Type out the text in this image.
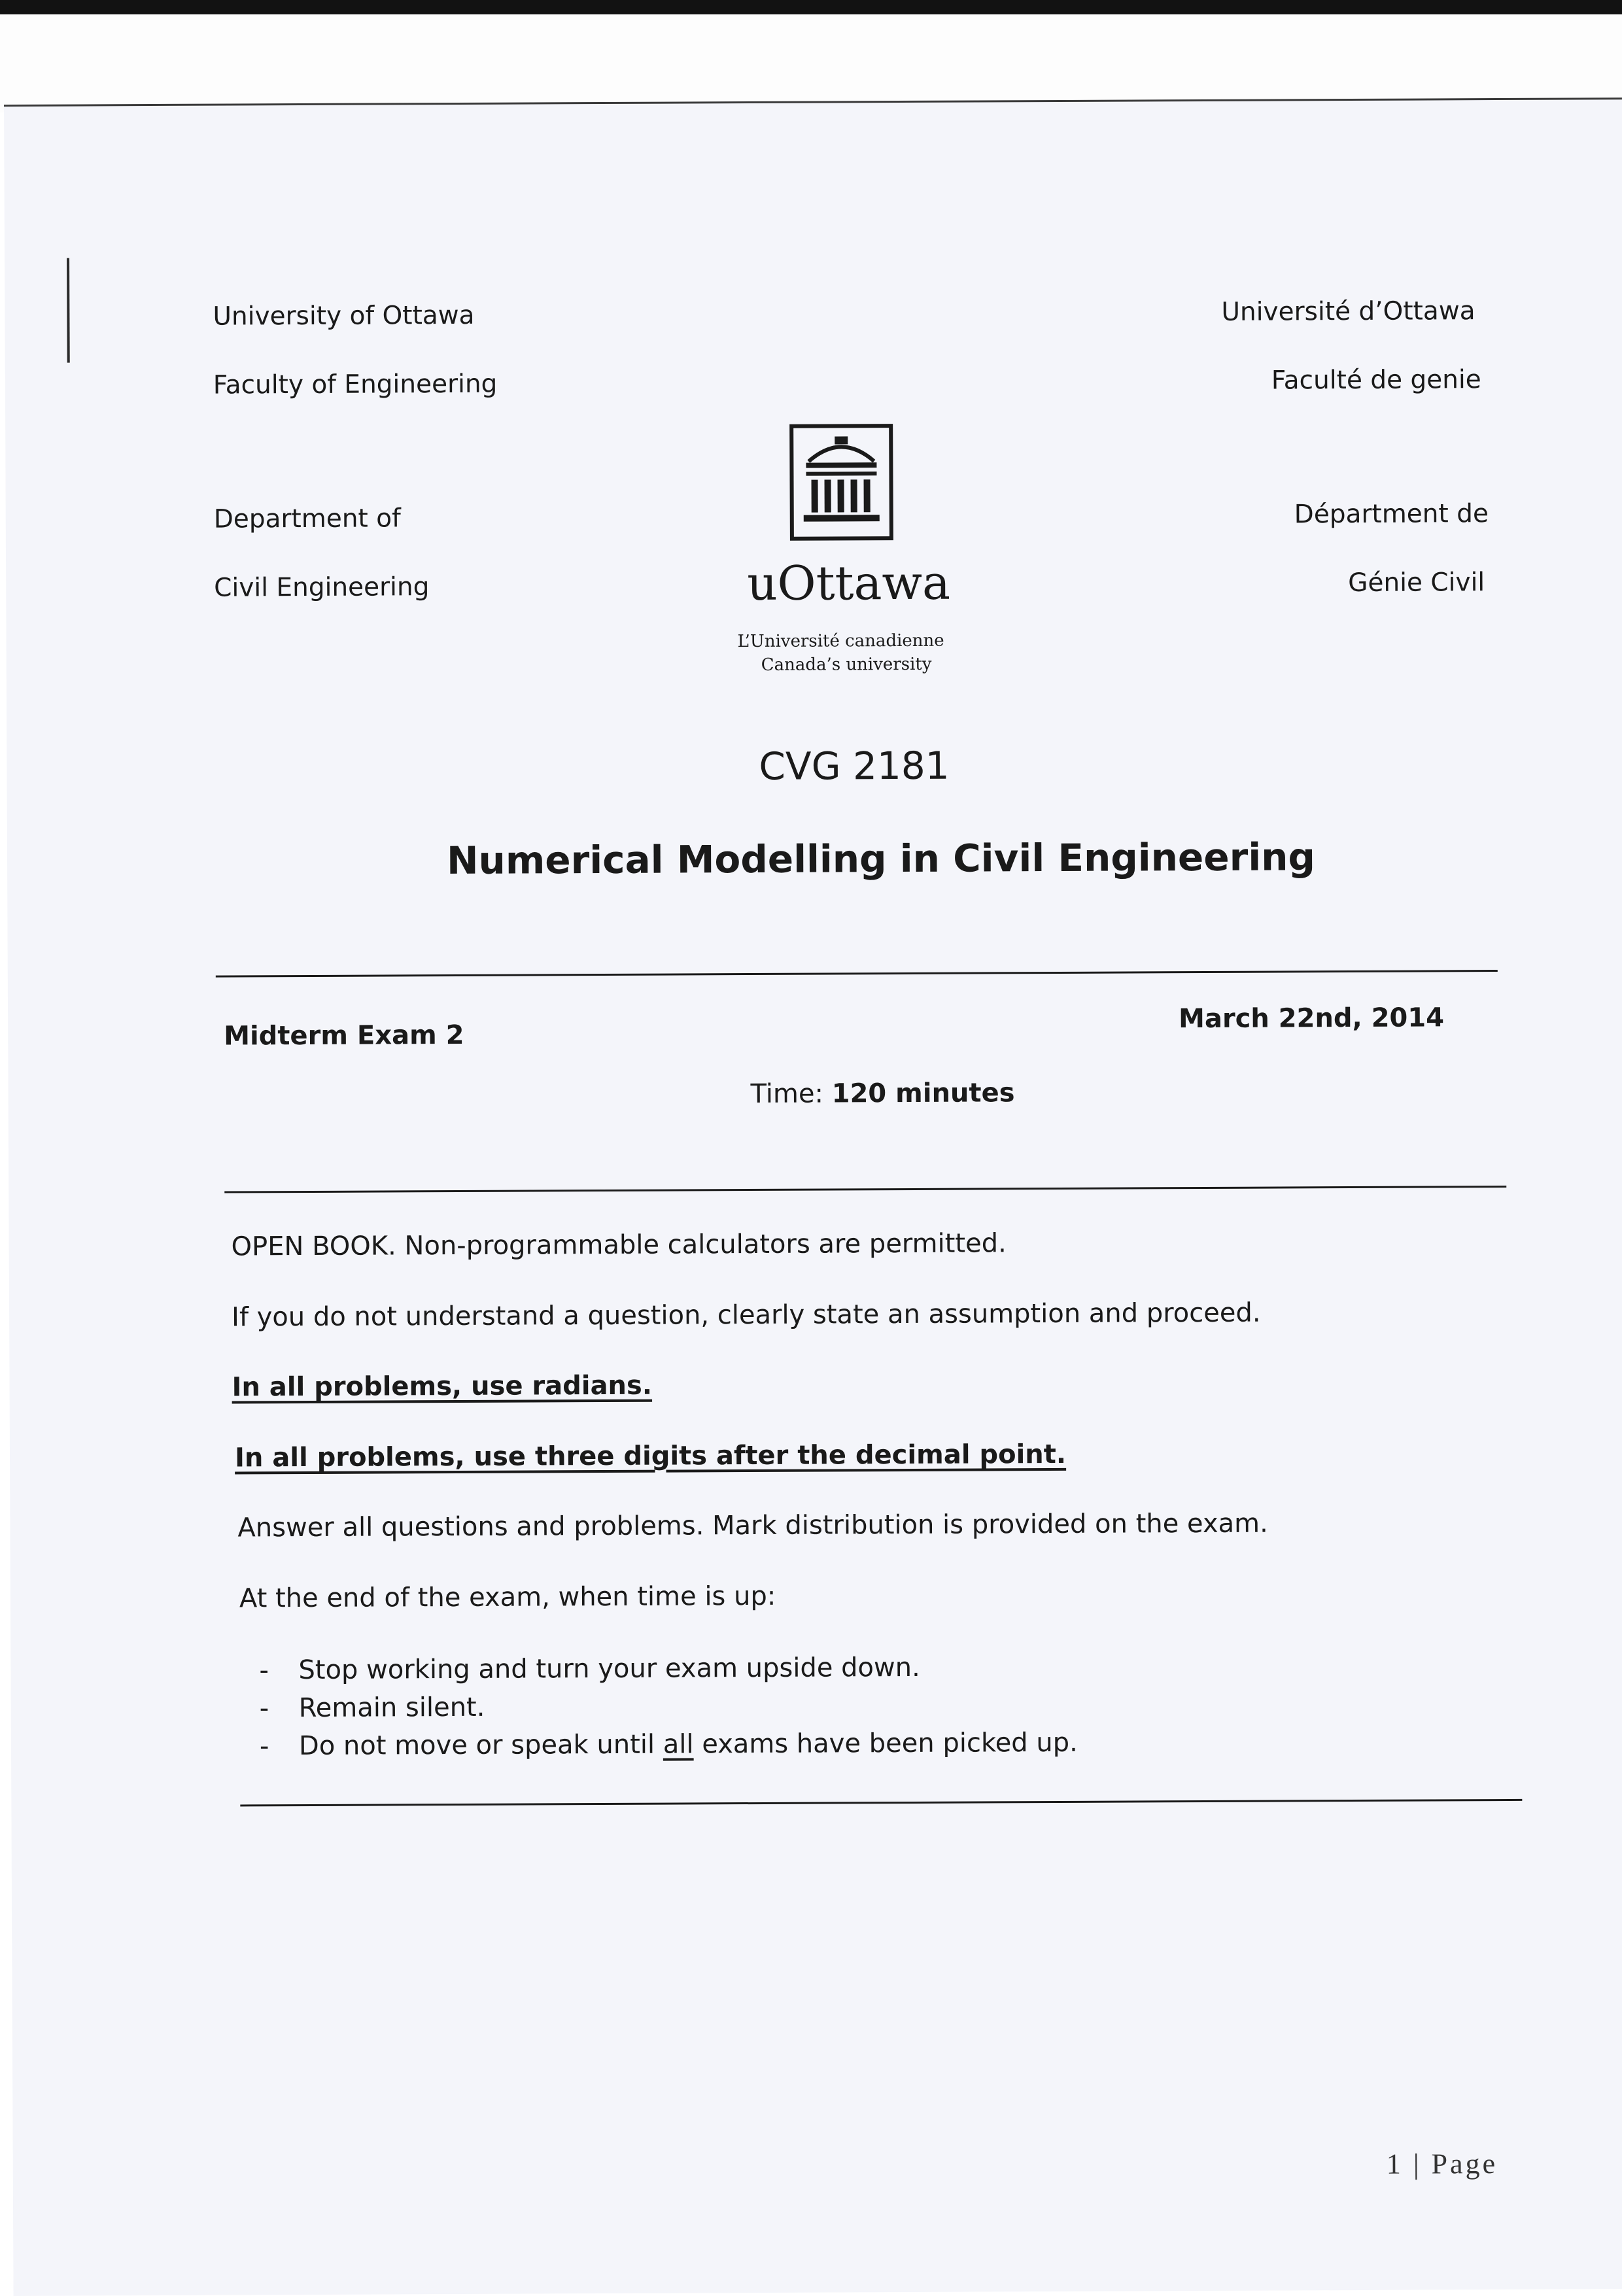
University of Ottawa
Faculty of Engineering
Department of
Civil Engineering
Université d’Ottawa
Faculté de genie
Départment de
Génie Civil
uOttawa
L’Université canadienne
Canada’s university
CVG 2181
Numerical Modelling in Civil Engineering
Midterm Exam 2
March 22nd, 2014
Time: 120 minutes
OPEN BOOK. Non-programmable calculators are permitted.
If you do not understand a question, clearly state an assumption and proceed.
In all problems, use radians.
In all problems, use three digits after the decimal point.
Answer all questions and problems. Mark distribution is provided on the exam.
At the end of the exam, when time is up:
- Stop working and turn your exam upside down.
- Remain silent.
- Do not move or speak until all exams have been picked up.
1 | Page
